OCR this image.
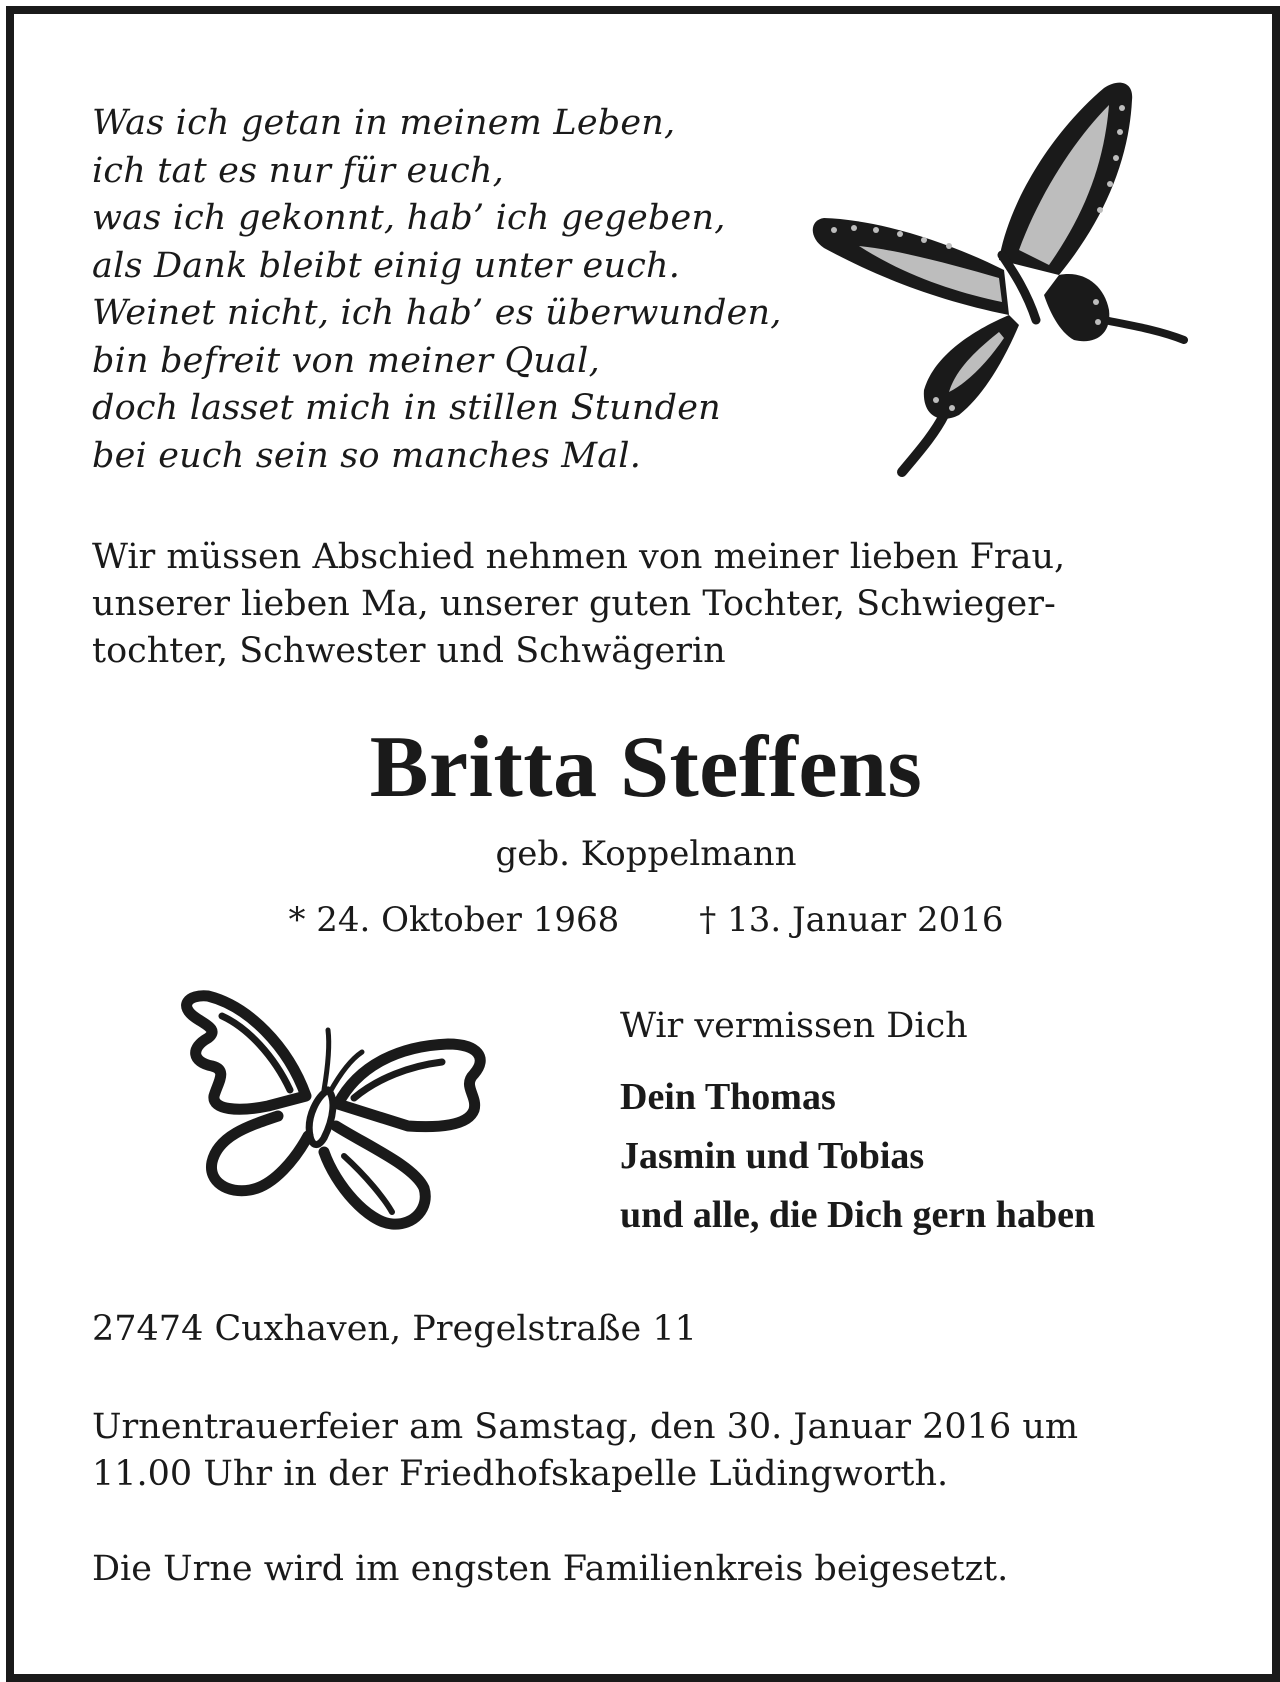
Was ich getan in meinem Leben,
ich tat es nur für euch,
was ich gekonnt, hab’ ich gegeben,
als Dank bleibt einig unter euch.
Weinet nicht, ich hab’ es überwunden,
bin befreit von meiner Qual,
doch lasset mich in stillen Stunden
bei euch sein so manches Mal.
Wir müssen Abschied nehmen von meiner lieben Frau,
unserer lieben Ma, unserer guten Tochter, Schwieger-
tochter, Schwester und Schwägerin
Britta Steffens
geb. Koppelmann
* 24. Oktober 1968 † 13. Januar 2016
Wir vermissen Dich
Dein Thomas
Jasmin und Tobias
und alle, die Dich gern haben
27474 Cuxhaven, Pregelstraße 11
Urnentrauerfeier am Samstag, den 30. Januar 2016 um
11.00 Uhr in der Friedhofskapelle Lüdingworth.
Die Urne wird im engsten Familienkreis beigesetzt.
